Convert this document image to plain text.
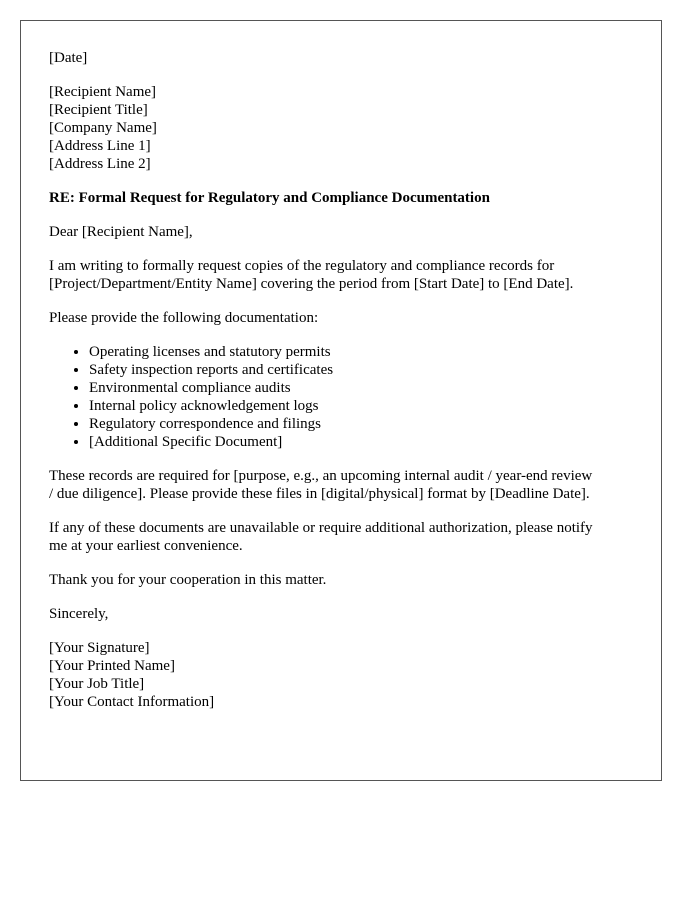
[Date]

[Recipient Name]
[Recipient Title]
[Company Name]
[Address Line 1]
[Address Line 2]

RE: Formal Request for Regulatory and Compliance Documentation

Dear [Recipient Name],

I am writing to formally request copies of the regulatory and compliance records for
[Project/Department/Entity Name] covering the period from [Start Date] to [End Date].

Please provide the following documentation:

• Operating licenses and statutory permits
• Safety inspection reports and certificates
• Environmental compliance audits
• Internal policy acknowledgement logs
• Regulatory correspondence and filings
• [Additional Specific Document]

These records are required for [purpose, e.g., an upcoming internal audit / year-end review
/ due diligence]. Please provide these files in [digital/physical] format by [Deadline Date].

If any of these documents are unavailable or require additional authorization, please notify
me at your earliest convenience.

Thank you for your cooperation in this matter.

Sincerely,

[Your Signature]
[Your Printed Name]
[Your Job Title]
[Your Contact Information]
